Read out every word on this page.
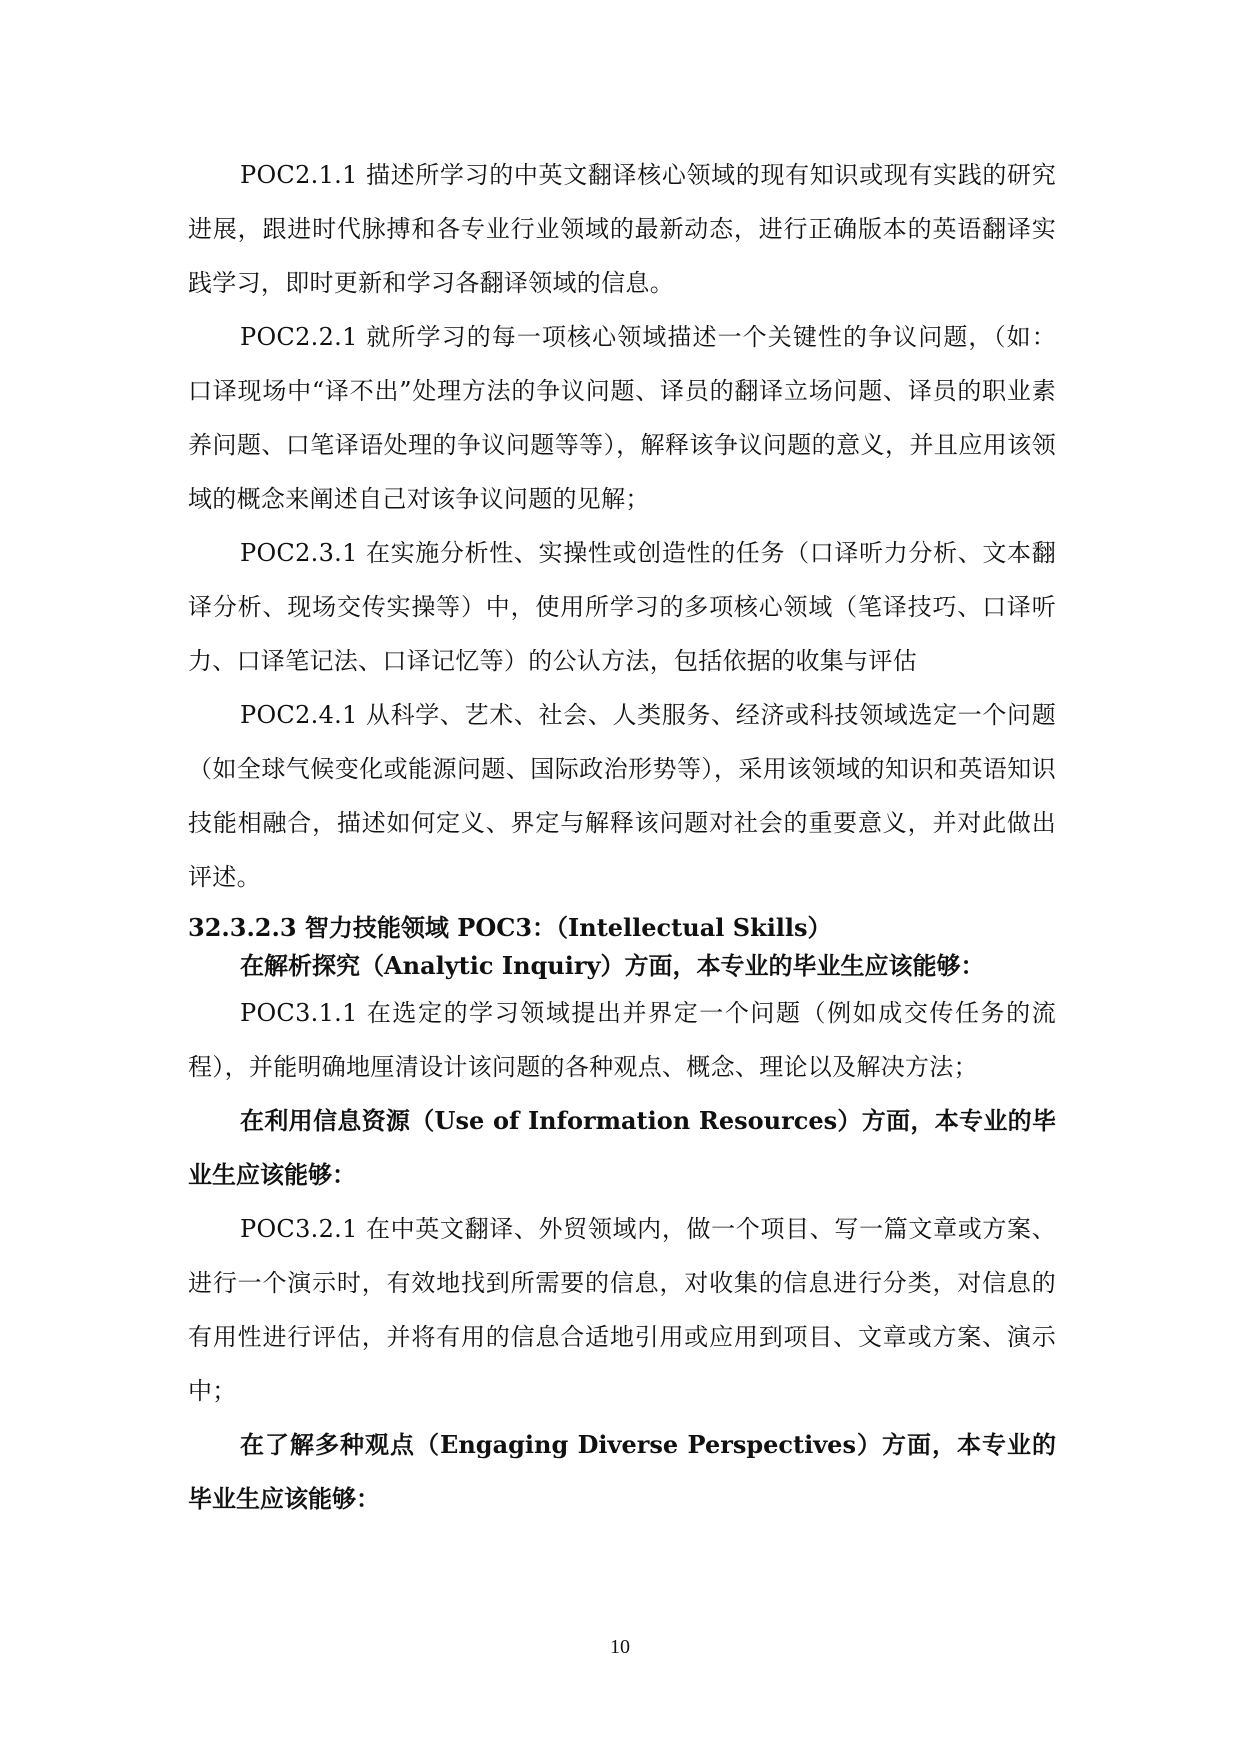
POC2.1.1 描述所学习的中英文翻译核心领域的现有知识或现有实践的研究进展，跟进时代脉搏和各专业行业领域的最新动态，进行正确版本的英语翻译实践学习，即时更新和学习各翻译领域的信息。

POC2.2.1 就所学习的每一项核心领域描述一个关键性的争议问题，（如：口译现场中“译不出”处理方法的争议问题、译员的翻译立场问题、译员的职业素养问题、口笔译语处理的争议问题等等），解释该争议问题的意义，并且应用该领域的概念来阐述自己对该争议问题的见解；

POC2.3.1 在实施分析性、实操性或创造性的任务（口译听力分析、文本翻译分析、现场交传实操等）中，使用所学习的多项核心领域（笔译技巧、口译听力、口译笔记法、口译记忆等）的公认方法，包括依据的收集与评估

POC2.4.1 从科学、艺术、社会、人类服务、经济或科技领域选定一个问题（如全球气候变化或能源问题、国际政治形势等），采用该领域的知识和英语知识技能相融合，描述如何定义、界定与解释该问题对社会的重要意义，并对此做出评述。

32.3.2.3 智力技能领域 POC3：（Intellectual Skills）

在解析探究（Analytic Inquiry）方面，本专业的毕业生应该能够：

POC3.1.1 在选定的学习领域提出并界定一个问题（例如成交传任务的流程），并能明确地厘清设计该问题的各种观点、概念、理论以及解决方法；

在利用信息资源（Use of Information Resources）方面，本专业的毕业生应该能够：

POC3.2.1 在中英文翻译、外贸领域内，做一个项目、写一篇文章或方案、进行一个演示时，有效地找到所需要的信息，对收集的信息进行分类，对信息的有用性进行评估，并将有用的信息合适地引用或应用到项目、文章或方案、演示中；

在了解多种观点（Engaging Diverse Perspectives）方面，本专业的毕业生应该能够：

10
